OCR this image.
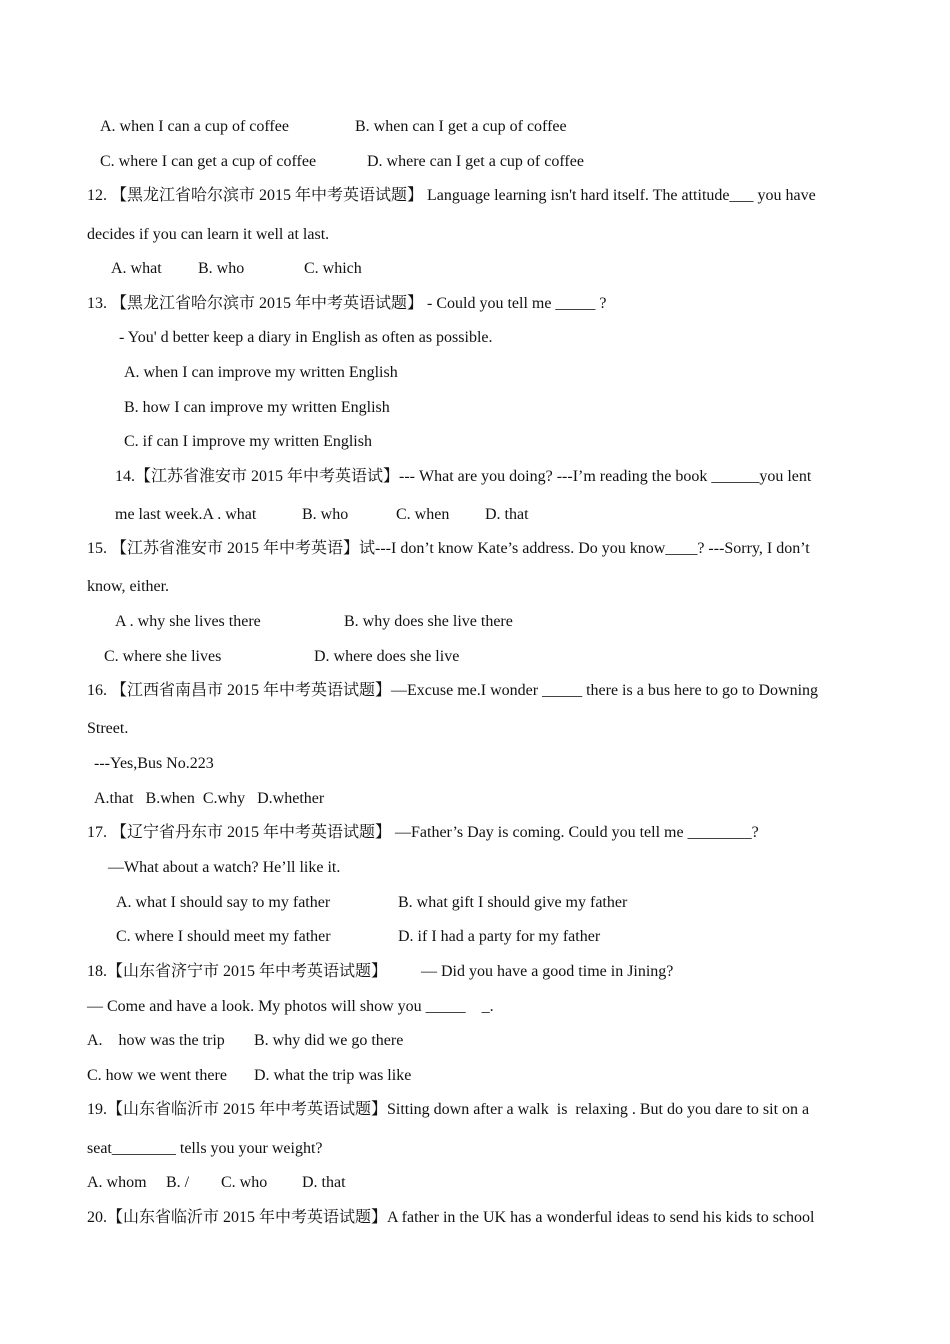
A. when I can a cup of coffee	B. when can I get a cup of coffee
C. where I can get a cup of coffee	D. where can I get a cup of coffee
12. 【黑龙江省哈尔滨市 2015 年中考英语试题】 Language learning isn't hard itself. The attitude___ you have
decides if you can learn it well at last.
A. what B. who	C. which
13. 【黑龙江省哈尔滨市 2015 年中考英语试题】 - Could you tell me _____ ?
- You' d better keep a diary in English as often as possible.
A. when I can improve my written English
B. how I can improve my written English
C. if can I improve my written English
14.【江苏省淮安市 2015 年中考英语试】--- What are you doing? ---I’m reading the book ______you lent
me last week.A . what	B. who	C. when D. that
15. 【江苏省淮安市 2015 年中考英语】试---I don’t know Kate’s address. Do you know____? ---Sorry, I don’t
know, either.
A . why she lives there	B. why does she live there
C. where she lives	D. where does she live
16. 【江西省南昌市 2015 年中考英语试题】—Excuse me.I wonder _____ there is a bus here to go to Downing
Street.
---Yes,Bus No.223
A.that   B.when  C.why   D.whether
17. 【辽宁省丹东市 2015 年中考英语试题】 —Father’s Day is coming. Could you tell me ________?
—What about a watch? He’ll like it.
A. what I should say to my father	B. what gift I should give my father
C. where I should meet my father	D. if I had a party for my father
18.【山东省济宁市 2015 年中考英语试题】 — Did you have a good time in Jining?
— Come and have a look. My photos will show you _____    _.
A.    how was the trip B. why did we go there
C. how we went there D. what the trip was like
19.【山东省临沂市 2015 年中考英语试题】Sitting down after a walk  is  relaxing . But do you dare to sit on a
seat________ tells you your weight?
A. whom B. / C. who D. that
20.【山东省临沂市 2015 年中考英语试题】A father in the UK has a wonderful ideas to send his kids to school
